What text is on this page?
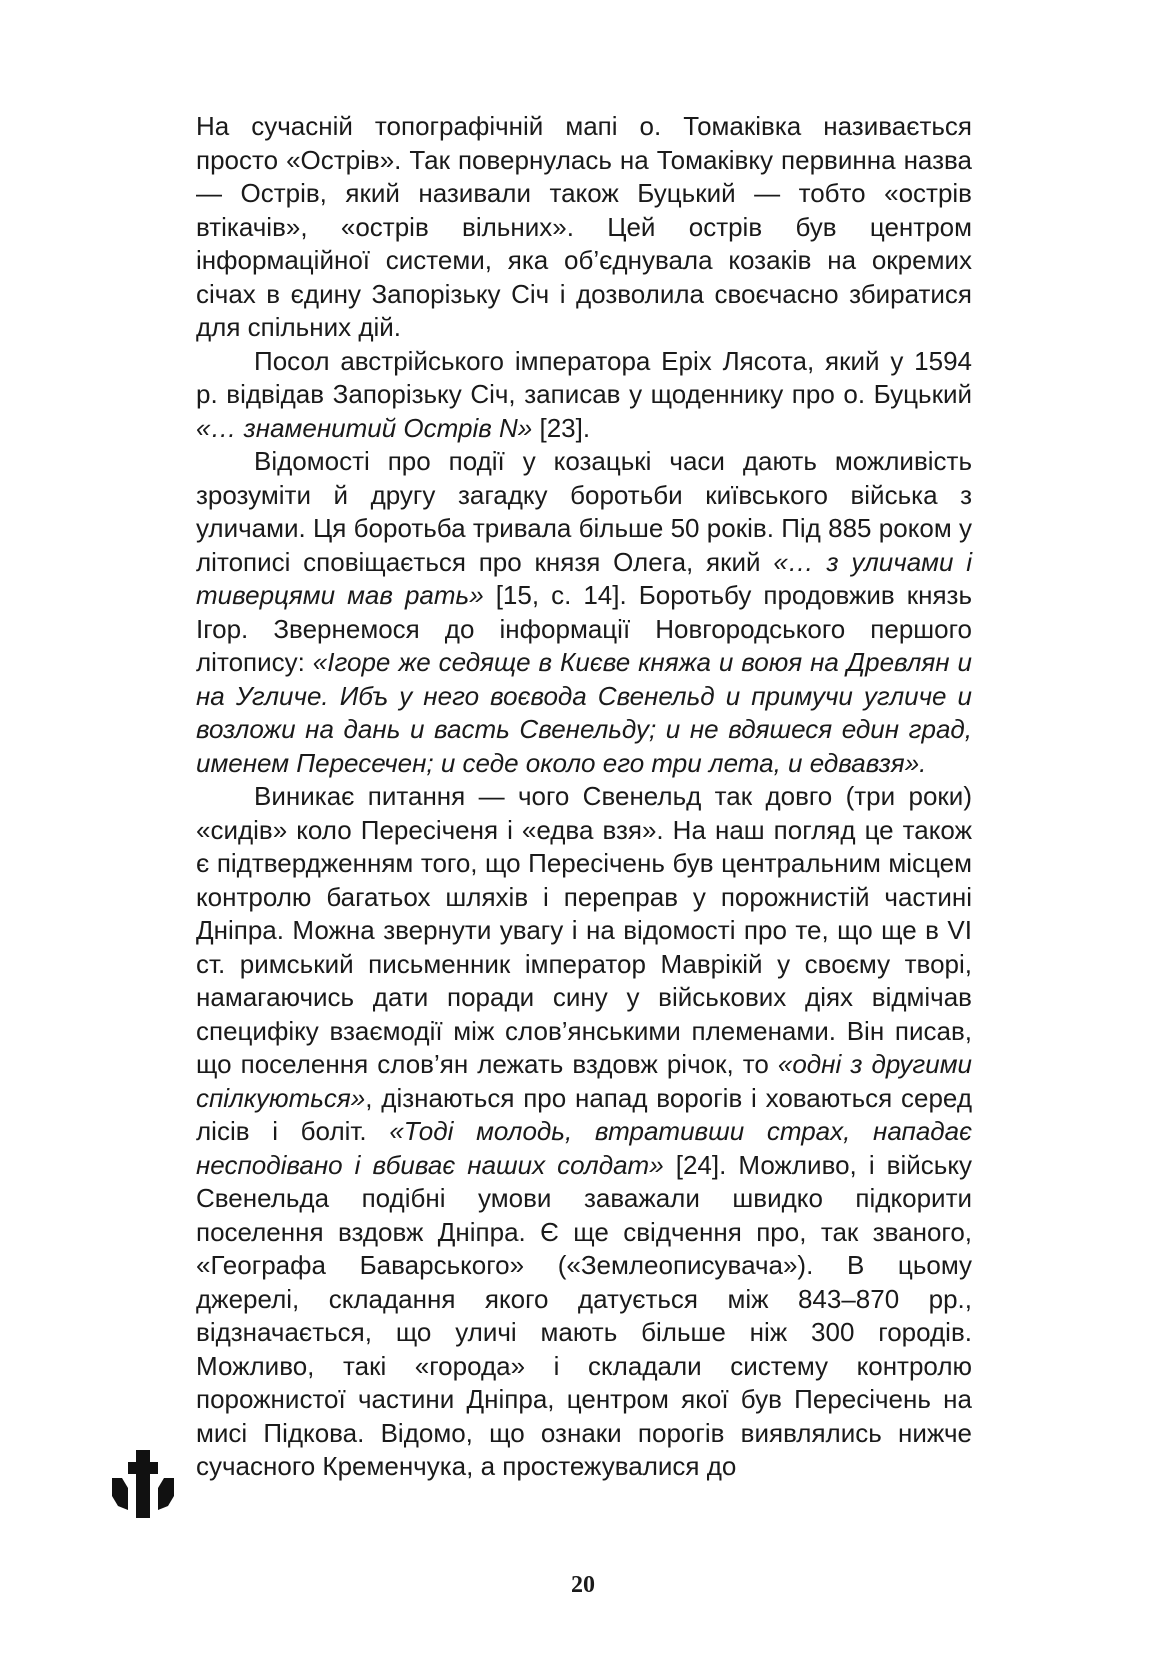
На сучасній топографічній мапі о. Томаківка називається просто «Острів». Так повернулась на Томаківку первинна назва — Острів, який називали також Буцький — тобто «острів втікачів», «острів вільних». Цей острів був центром інформаційної системи, яка об’єднувала козаків на окремих січах в єдину Запорізьку Січ і дозволила своєчасно збиратися для спільних дій.

Посол австрійського імператора Еріх Лясота, який у 1594 р. відвідав Запорізьку Січ, записав у щоденнику про о. Буцький «… знаменитий Острів N» [23].

Відомості про події у козацькі часи дають можливість зрозуміти й другу загадку боротьби київського війська з уличами. Ця боротьба тривала більше 50 років. Під 885 роком у літописі сповіщається про князя Олега, який «… з уличами і тиверцями мав рать» [15, с. 14]. Боротьбу продовжив князь Ігор. Звернемося до інформації Новгородського першого літопису: «Ігоре же седяще в Києве княжа и воюя на Древлян и на Угличе. Ибъ у него воєвода Свенельд и примучи угличе и возложи на дань и васть Свенельду; и не вдяшеся един град, именем Пересечен; и седе около его три лета, и едвавзя».

Виникає питання — чого Свенельд так довго (три роки) «сидів» коло Пересіченя і «едва взя». На наш погляд це також є підтвердженням того, що Пересічень був центральним місцем контролю багатьох шляхів і переправ у порожнистій частині Дніпра. Можна звернути увагу і на відомості про те, що ще в VI ст. римський письменник імператор Маврікій у своєму творі, намагаючись дати поради сину у військових діях відмічав специфіку взаємодії між слов’янськими племенами. Він писав, що поселення слов’ян лежать вздовж річок, то «одні з другими спілкуються», дізнаються про напад ворогів і ховаються серед лісів і боліт. «Тоді молодь, втративши страх, нападає несподівано і вбиває наших солдат» [24]. Можливо, і війську Свенельда подібні умови заважали швидко підкорити поселення вздовж Дніпра. Є ще свідчення про, так званого, «Географа Баварського» («Землеописувача»). В цьому джерелі, складання якого датується між 843–870 рр., відзначається, що уличі мають більше ніж 300 городів. Можливо, такі «города» і складали систему контролю порожнистої частини Дніпра, центром якої був Пересічень на мисі Підкова. Відомо, що ознаки порогів виявлялись нижче сучасного Кременчука, а простежувалися до

20
